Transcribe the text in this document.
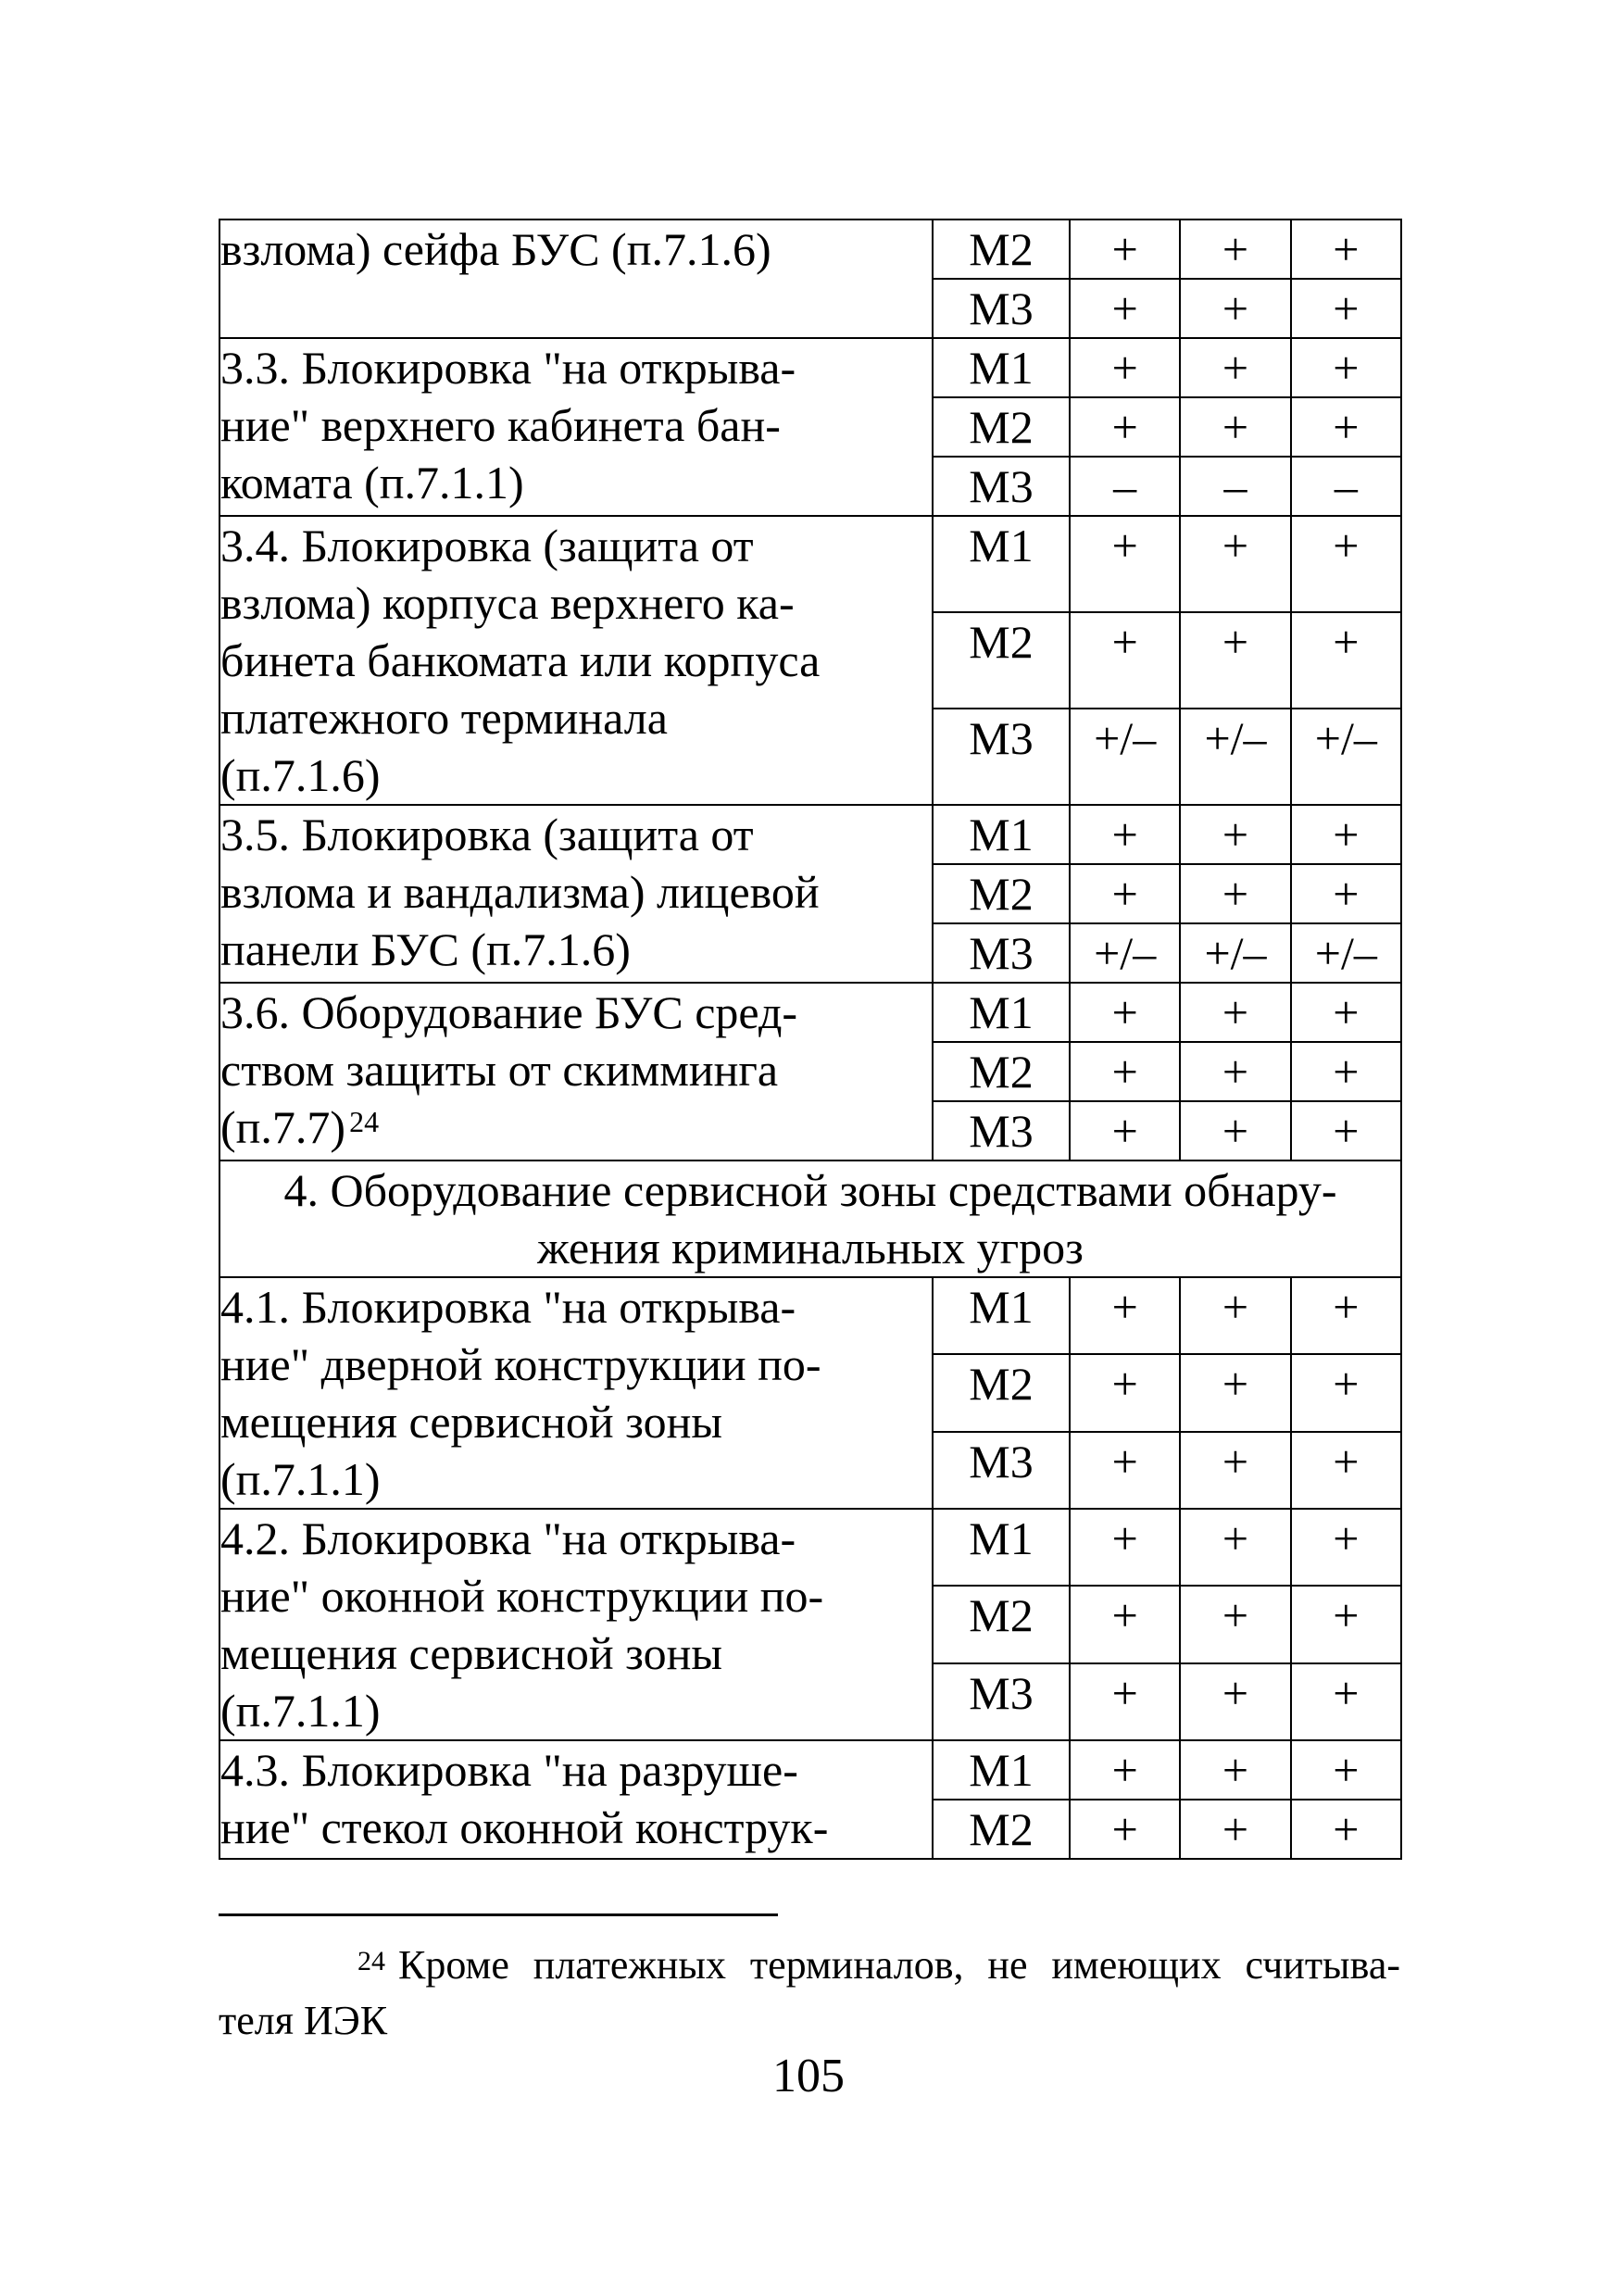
взлома) сейфа БУС (п.7.1.6)	М2	+	+	+
	М3	+	+	+

3.3. Блокировка "на открыва-
ние" верхнего кабинета бан-
комата (п.7.1.1)	М1	+	+	+
	М2	+	+	+
	М3	–	–	–

3.4. Блокировка (защита от
взлома) корпуса верхнего ка-
бинета банкомата или корпуса
платежного терминала
(п.7.1.6)	М1	+	+	+
	М2	+	+	+
	М3	+/–	+/–	+/–

3.5. Блокировка (защита от
взлома и вандализма) лицевой
панели БУС (п.7.1.6)	М1	+	+	+
	М2	+	+	+
	М3	+/–	+/–	+/–
3.6. Оборудование БУС сред-
ством защиты от скимминга
(п.7.7) $^{24}$	М1	+	+	+
	М2	+	+	+
	М3	+	+	+
4. Оборудование сервисной зоны средствами обнару-
жения криминальных угроз				

4.1. Блокировка "на открыва-
ние" дверной конструкции по-
мещения сервисной зоны
(п.7.1.1)	М1	+	+	+
	М2	+	+	+
	М3	+	+	+

4.2. Блокировка "на открыва-
ние" оконной конструкции по-
мещения сервисной зоны
(п.7.1.1)	М1	+	+	+
	М2	+	+	+
	М3	+	+	+

4.3. Блокировка "на разруше-
ние" стекол оконной конструк-	М1	+	+	+
	М2	+	+	+
$^{24}$ Кроме платежных терминалов, не имеющих считыва-теля ИЭК
105
